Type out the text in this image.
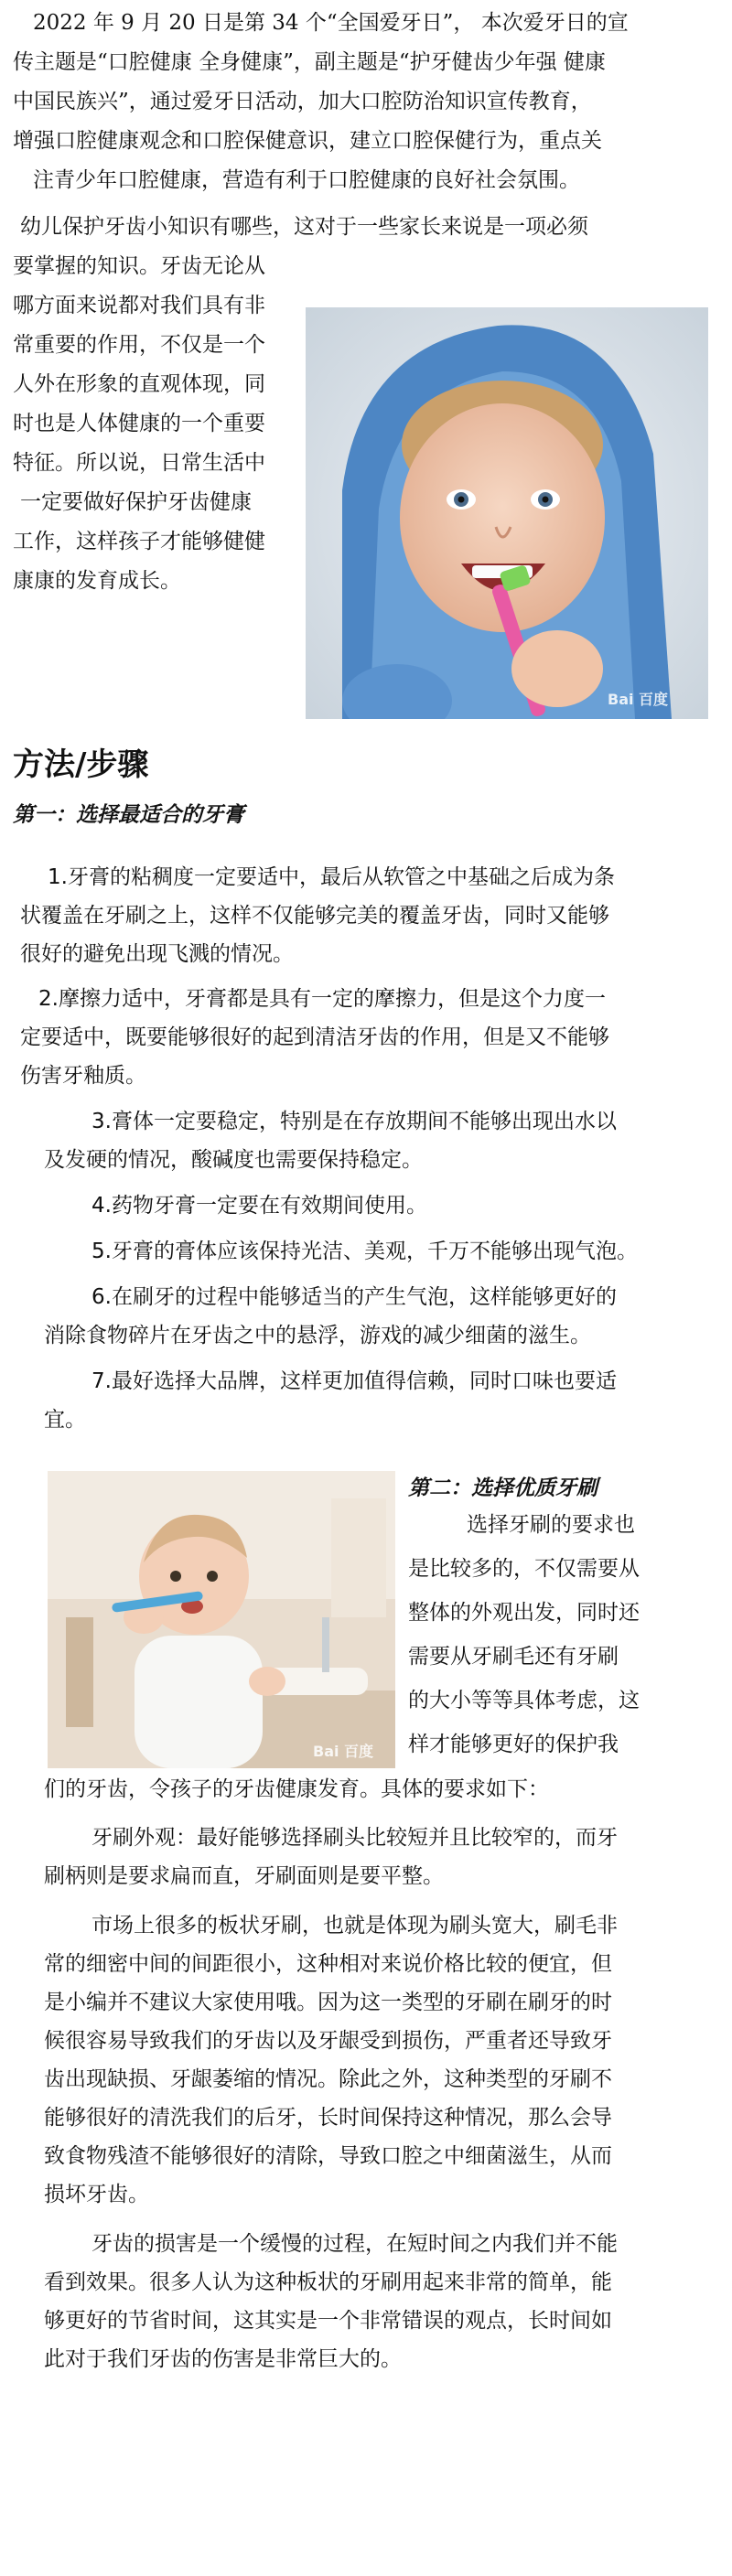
2022 年 9 月 20 日是第 34 个“全国爱牙日”， 本次爱牙日的宣

传主题是“口腔健康 全身健康”，副主题是“护牙健齿少年强 健康

中国民族兴”，通过爱牙日活动，加大口腔防治知识宣传教育，

增强口腔健康观念和口腔保健意识，建立口腔保健行为，重点关

注青少年口腔健康，营造有利于口腔健康的良好社会氛围。

幼儿保护牙齿小知识有哪些，这对于一些家长来说是一项必须

要掌握的知识。牙齿无论从

哪方面来说都对我们具有非

常重要的作用，不仅是一个

人外在形象的直观体现，同

时也是人体健康的一个重要

特征。所以说，日常生活中

一定要做好保护牙齿健康

工作，这样孩子才能够健健

康康的发育成长。

Bai 百度
方法/步骤
第一：选择最适合的牙膏

1.牙膏的粘稠度一定要适中，最后从软管之中基础之后成为条

状覆盖在牙刷之上，这样不仅能够完美的覆盖牙齿，同时又能够

很好的避免出现飞溅的情况。

2.摩擦力适中，牙膏都是具有一定的摩擦力，但是这个力度一

定要适中，既要能够很好的起到清洁牙齿的作用，但是又不能够

伤害牙釉质。

3.膏体一定要稳定，特别是在存放期间不能够出现出水以

及发硬的情况，酸碱度也需要保持稳定。

4.药物牙膏一定要在有效期间使用。

5.牙膏的膏体应该保持光洁、美观，千万不能够出现气泡。

6.在刷牙的过程中能够适当的产生气泡，这样能够更好的

消除食物碎片在牙齿之中的悬浮，游戏的减少细菌的滋生。

7.最好选择大品牌，这样更加值得信赖，同时口味也要适

宜。

Bai 百度
第二：选择优质牙刷

选择牙刷的要求也

是比较多的，不仅需要从

整体的外观出发，同时还

需要从牙刷毛还有牙刷

的大小等等具体考虑，这

样才能够更好的保护我

们的牙齿，令孩子的牙齿健康发育。具体的要求如下：

牙刷外观：最好能够选择刷头比较短并且比较窄的，而牙

刷柄则是要求扁而直，牙刷面则是要平整。

市场上很多的板状牙刷，也就是体现为刷头宽大，刷毛非

常的细密中间的间距很小，这种相对来说价格比较的便宜，但

是小编并不建议大家使用哦。因为这一类型的牙刷在刷牙的时

候很容易导致我们的牙齿以及牙龈受到损伤，严重者还导致牙

齿出现缺损、牙龈萎缩的情况。除此之外，这种类型的牙刷不

能够很好的清洗我们的后牙，长时间保持这种情况，那么会导

致食物残渣不能够很好的清除，导致口腔之中细菌滋生，从而

损坏牙齿。

牙齿的损害是一个缓慢的过程，在短时间之内我们并不能

看到效果。很多人认为这种板状的牙刷用起来非常的简单，能

够更好的节省时间，这其实是一个非常错误的观点，长时间如

此对于我们牙齿的伤害是非常巨大的。
